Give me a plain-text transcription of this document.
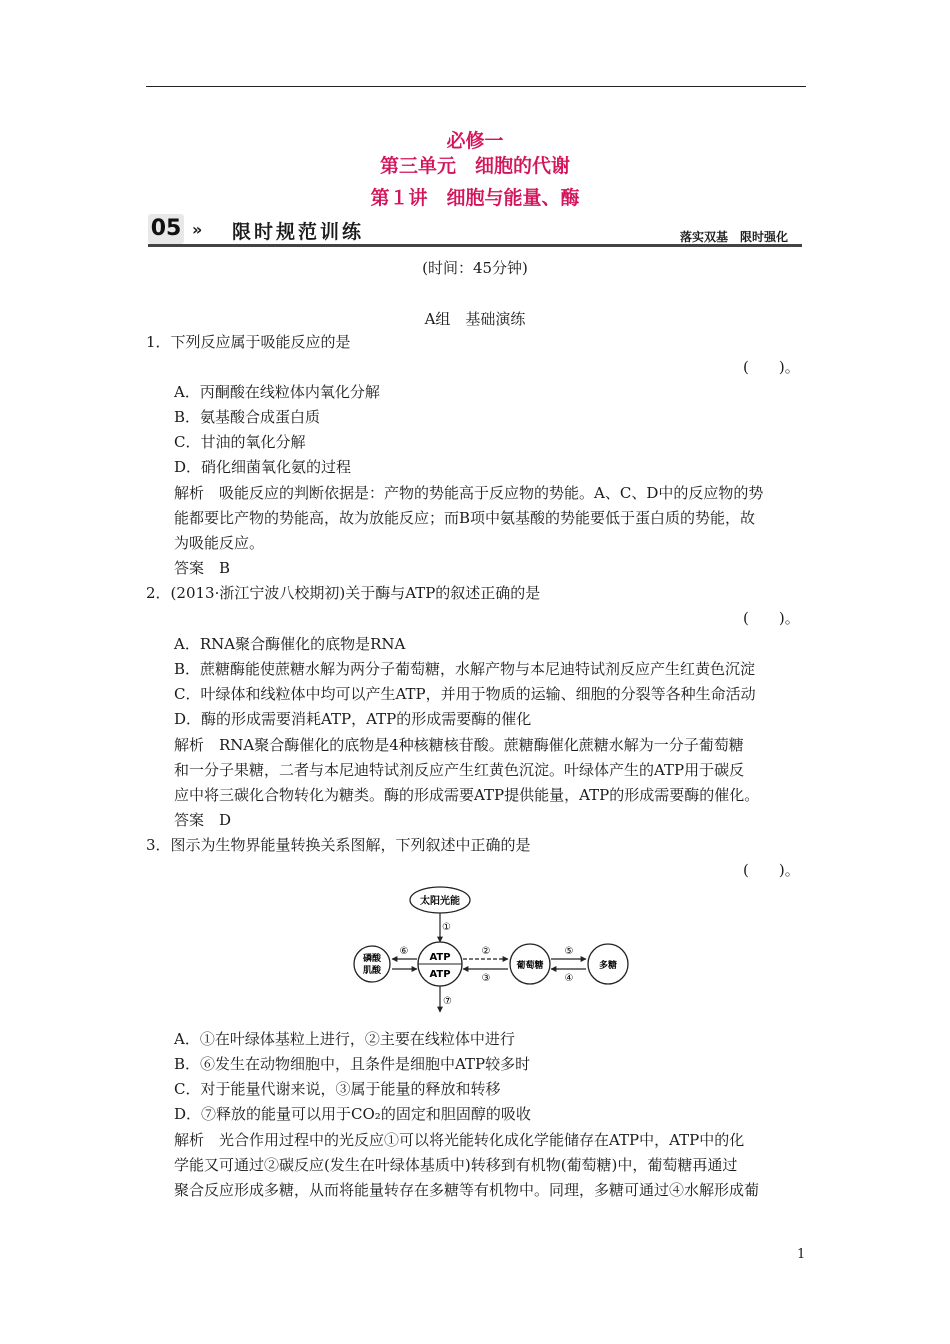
必修一
第三单元　细胞的代谢
第１讲　细胞与能量、酶
05 » 限时规范训练	落实双基　限时强化
(时间：45分钟)
A组　基础演练
1．下列反应属于吸能反应的是
(　　)。
A．丙酮酸在线粒体内氧化分解
B．氨基酸合成蛋白质
C．甘油的氧化分解
D．硝化细菌氧化氨的过程
解析　吸能反应的判断依据是：产物的势能高于反应物的势能。A、C、D中的反应物的势
能都要比产物的势能高，故为放能反应；而B项中氨基酸的势能要低于蛋白质的势能，故
为吸能反应。
答案　B
2．(2013·浙江宁波八校期初)关于酶与ATP的叙述正确的是
(　　)。
A．RNA聚合酶催化的底物是RNA
B．蔗糖酶能使蔗糖水解为两分子葡萄糖，水解产物与本尼迪特试剂反应产生红黄色沉淀
C．叶绿体和线粒体中均可以产生ATP，并用于物质的运输、细胞的分裂等各种生命活动
D．酶的形成需要消耗ATP，ATP的形成需要酶的催化
解析　RNA聚合酶催化的底物是4种核糖核苷酸。蔗糖酶催化蔗糖水解为一分子葡萄糖
和一分子果糖，二者与本尼迪特试剂反应产生红黄色沉淀。叶绿体产生的ATP用于碳反
应中将三碳化合物转化为糖类。酶的形成需要ATP提供能量，ATP的形成需要酶的催化。
答案　D
3．图示为生物界能量转换关系图解，下列叙述中正确的是
(　　)。
太阳光能
①
ATP
ATP
磷酸
肌酸
⑥	②
③
葡萄糖
⑤
④
多糖
⑦
A．①在叶绿体基粒上进行，②主要在线粒体中进行
B．⑥发生在动物细胞中，且条件是细胞中ATP较多时
C．对于能量代谢来说，③属于能量的释放和转移
D．⑦释放的能量可以用于CO₂的固定和胆固醇的吸收
解析　光合作用过程中的光反应①可以将光能转化成化学能储存在ATP中，ATP中的化
学能又可通过②碳反应(发生在叶绿体基质中)转移到有机物(葡萄糖)中，葡萄糖再通过
聚合反应形成多糖，从而将能量转存在多糖等有机物中。同理，多糖可通过④水解形成葡
1
